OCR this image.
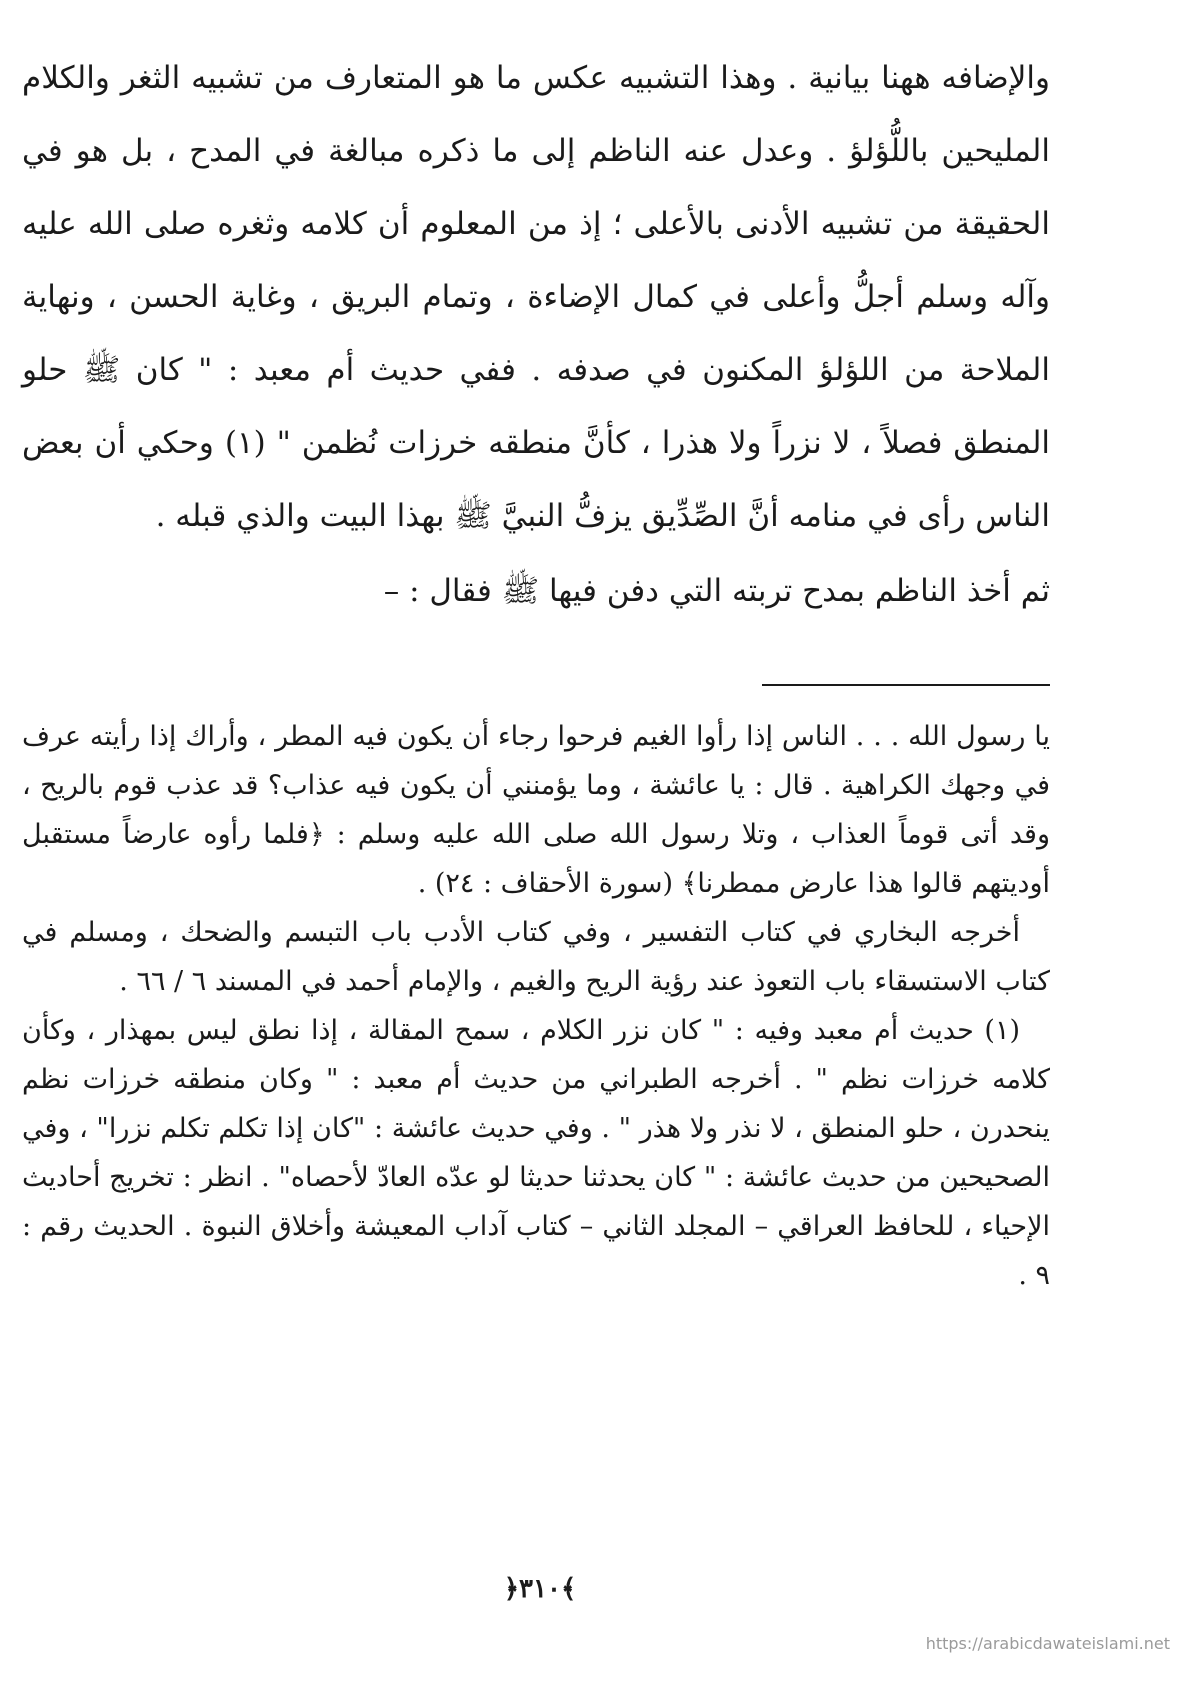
والإضافه ههنا بيانية . وهذا التشبيه عكس ما هو المتعارف من تشبيه الثغر والكلام المليحين باللُّؤلؤ . وعدل عنه الناظم إلى ما ذكره مبالغة في المدح ، بل هو في الحقيقة من تشبيه الأدنى بالأعلى ؛ إذ من المعلوم أن كلامه وثغره صلى الله عليه وآله وسلم أجلُّ وأعلى في كمال الإضاءة ، وتمام البريق ، وغاية الحسن ، ونهاية الملاحة من اللؤلؤ المكنون في صدفه . ففي حديث أم معبد : " كان ﷺ حلو المنطق فصلاً ، لا نزراً ولا هذرا ، كأنَّ منطقه خرزات نُظمن " (١) وحكي أن بعض الناس رأى في منامه أنَّ الصِّدِّيق يزفُّ النبيَّ ﷺ بهذا البيت والذي قبله .

ثم أخذ الناظم بمدح تربته التي دفن فيها ﷺ فقال : –

يا رسول الله . . . الناس إذا رأوا الغيم فرحوا رجاء أن يكون فيه المطر ، وأراك إذا رأيته عرف في وجهك الكراهية . قال : يا عائشة ، وما يؤمنني أن يكون فيه عذاب؟ قد عذب قوم بالريح ، وقد أتى قوماً العذاب ، وتلا رسول الله صلى الله عليه وسلم : ﴿فلما رأوه عارضاً مستقبل أوديتهم قالوا هذا عارض ممطرنا﴾ (سورة الأحقاف : ٢٤) .

أخرجه البخاري في كتاب التفسير ، وفي كتاب الأدب باب التبسم والضحك ، ومسلم في كتاب الاستسقاء باب التعوذ عند رؤية الريح والغيم ، والإمام أحمد في المسند ٦ / ٦٦ .

(١) حديث أم معبد وفيه : " كان نزر الكلام ، سمح المقالة ، إذا نطق ليس بمهذار ، وكأن كلامه خرزات نظم " . أخرجه الطبراني من حديث أم معبد : " وكان منطقه خرزات نظم ينحدرن ، حلو المنطق ، لا نذر ولا هذر " . وفي حديث عائشة : "كان إذا تكلم تكلم نزرا" ، وفي الصحيحين من حديث عائشة : " كان يحدثنا حديثا لو عدّه العادّ لأحصاه" . انظر : تخريج أحاديث الإحياء ، للحافظ العراقي – المجلد الثاني – كتاب آداب المعيشة وأخلاق النبوة . الحديث رقم : ٩ .

﴿٣١٠﴾
https://arabicdawateislami.net
